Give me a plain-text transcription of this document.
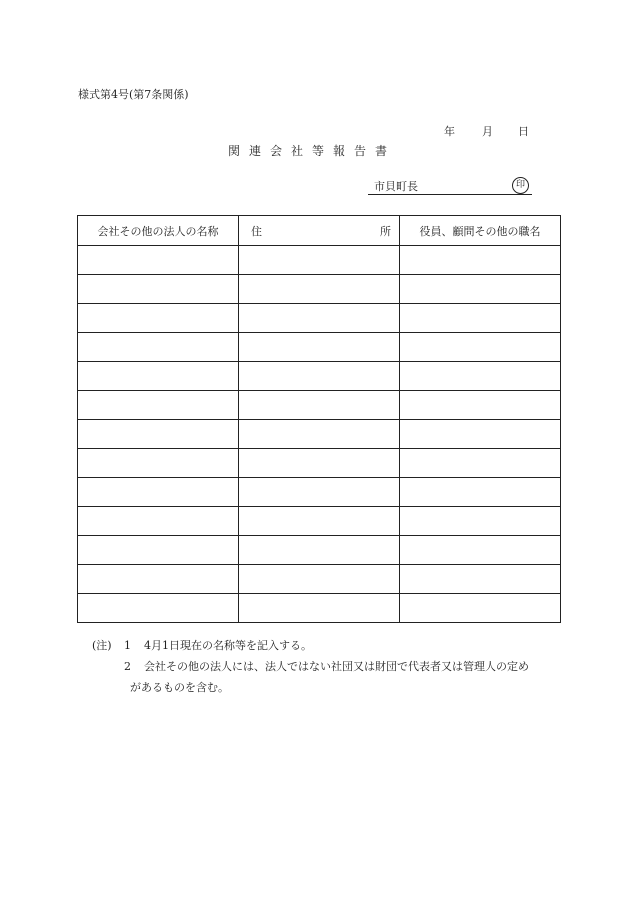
様式第4号(第7条関係)
年 月 日
関連会社等報告書
市貝町長	印
会社その他の法人の名称	住 所	役員、顧問その他の職名

(注) 1 4月1日現在の名称等を記入する。
2 会社その他の法人には、法人ではない社団又は財団で代表者又は管理人の定め
があるものを含む。
